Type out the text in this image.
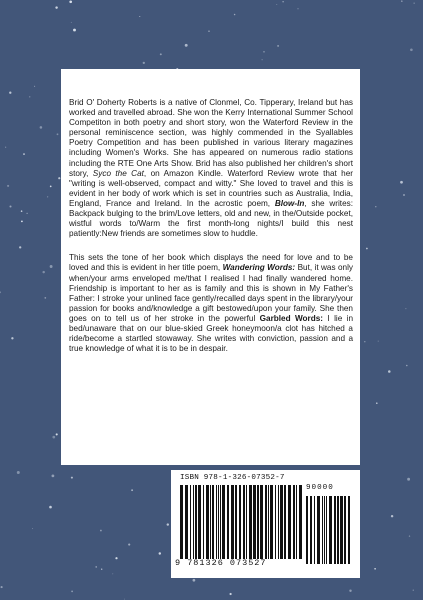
Brid O' Doherty Roberts is a native of Clonmel, Co. Tipperary, Ireland but has worked and travelled abroad. She won the Kerry International Summer School Competiton in both poetry and short story, won the Waterford Review in the personal reminiscence section, was highly commended in the Syallables Poetry Competition and has been published in various literary magazines including Women's Works. She has appeared on numerous radio stations including the RTE One Arts Show. Brid has also published her children's short story, Syco the Cat, on Amazon Kindle. Waterford Review wrote that her "writing is well-observed, compact and witty." She loved to travel and this is evident in her body of work which is set in countries such as Australia, India, England, France and Ireland. In the acrostic poem, Blow-In, she writes: Backpack bulging to the brim/Love letters, old and new, in the/Outside pocket, wistful words to/Warm the first month-long nights/I build this nest patiently:New friends are sometimes slow to huddle.

This sets the tone of her book which displays the need for love and to be loved and this is evident in her title poem, Wandering Words: But, it was only when/your arms enveloped me/that I realised I had finally wandered home. Friendship is important to her as is family and this is shown in My Father's Father: I stroke your unlined face gently/recalled days spent in the library/your passion for books and/knowledge a gift bestowed/upon your family. She then goes on to tell us of her stroke in the powerful Garbled Words: I lie in bed/unaware that on our blue-skied Greek honeymoon/a clot has hitched a ride/become a startled stowaway. She writes with conviction, passion and a true knowledge of what it is to be in despair.

ISBN 978-1-326-07352-7
9 781326 073527
90000
